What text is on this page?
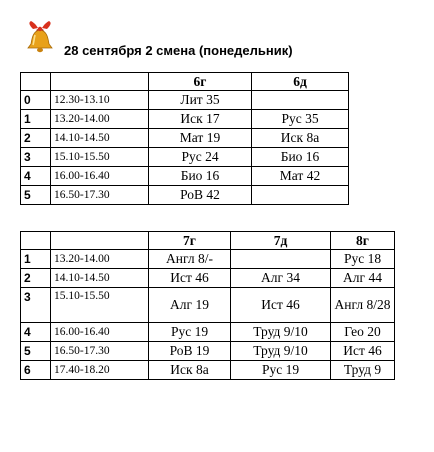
28 сентября 2 смена (понедельник)
		6г	6д
0	12.30-13.10	Лит 35	
1	13.20-14.00	Иск 17	Рус 35
2	14.10-14.50	Мат 19	Иск 8а
3	15.10-15.50	Рус 24	Био 16
4	16.00-16.40	Био 16	Мат 42
5	16.50-17.30	РоВ 42	
		7г	7д	8г
1	13.20-14.00	Англ 8/-		Рус 18
2	14.10-14.50	Ист 46	Алг 34	Алг 44
3	15.10-15.50	Алг 19	Ист 46	Англ 8/28
4	16.00-16.40	Рус 19	Труд 9/10	Гео 20
5	16.50-17.30	РоВ 19	Труд 9/10	Ист 46
6	17.40-18.20	Иск 8а	Рус 19	Труд 9
